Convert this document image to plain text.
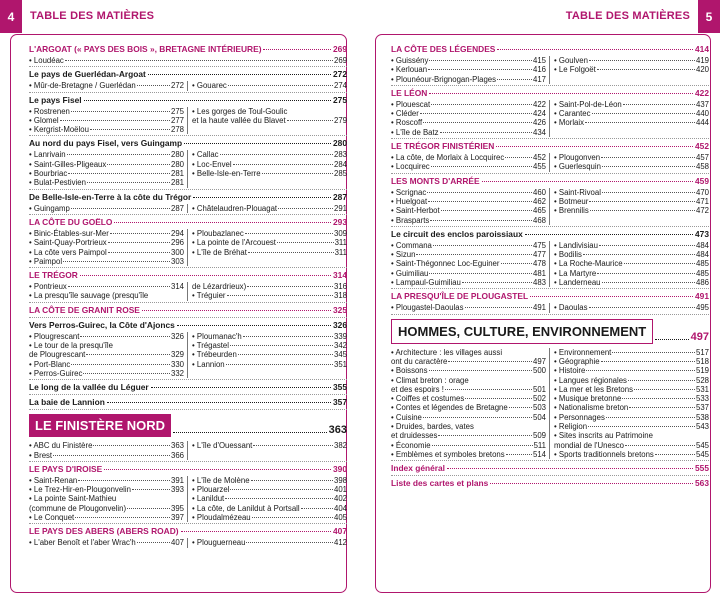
4	TABLE DES MATIÈRES	TABLE DES MATIÈRES	5
L'ARGOAT (« PAYS DES BOIS », BRETAGNE INTÉRIEURE)	269
• Loudéac	269
Le pays de Guerlédan-Argoat	272
• Mûr-de-Bretagne / Guerlédan	272 • Gouarec	274
Le pays Fisel	275
• Rostrenen	275
• Glomel	277
• Kergrist-Moëlou	278
• Les gorges de Toul-Goulic
et la haute vallée du Blavet	279
Au nord du pays Fisel, vers Guingamp	280
• Lanrivain	280
• Saint-Gilles-Pligeaux	280
• Bourbriac	281
• Bulat-Pestivien	281
• Callac	283
• Loc-Envel	284
• Belle-Isle-en-Terre	285
De Belle-Isle-en-Terre à la côte du Trégor	287
• Guingamp	287 • Châtelaudren-Plouagat	291
LA CÔTE DU GOËLO	293
• Binic-Étables-sur-Mer	294
• Saint-Quay-Portrieux	296
• La côte vers Paimpol	300
• Paimpol	303
• Ploubazlanec	309
• La pointe de l'Arcouest	311
• L'île de Bréhat	311
LE TRÉGOR	314
• Pontrieux	314
• La presqu'île sauvage (presqu'île
de Lézardrieux)	316
• Tréguier	318
LA CÔTE DE GRANIT ROSE	325
Vers Perros-Guirec, la Côte d'Ajoncs	326
• Plougrescant	326
• Le tour de la presqu'île
de Plougrescant	329
• Port-Blanc	330
• Perros-Guirec	332
• Ploumanac'h	339
• Trégastel	342
• Trébeurden	345
• Lannion	351
Le long de la vallée du Léguer	355
La baie de Lannion	357
LE FINISTÈRE NORD	363
• ABC du Finistère	363
• Brest	366
• L'île d'Ouessant	382
LE PAYS D'IROISE	390
• Saint-Renan	391
• Le Trez-Hir-en-Plougonvelin	393
• La pointe Saint-Mathieu
(commune de Plougonvelin)	395
• Le Conquet	397
• L'île de Molène	398
• Plouarzel	401
• Lanildut	402
• La côte, de Lanildut à Portsall	404
• Ploudalmézeau	405
LE PAYS DES ABERS (ABERS ROAD)	407
• L'aber Benoît et l'aber Wrac'h	407 • Plouguerneau	412
LA CÔTE DES LÉGENDES	414
• Guissény	415
• Kerlouan	416
• Plounéour-Brignogan-Plages	417
• Goulven	419
• Le Folgoët	420
LE LÉON	422
• Plouescat	422
• Cléder	424
• Roscoff	426
• L'île de Batz	434
• Saint-Pol-de-Léon	437
• Carantec	440
• Morlaix	444
LE TRÉGOR FINISTÉRIEN	452
• La côte, de Morlaix à Locquirec	452
• Locquirec	455
• Plougonven	457
• Guerlesquin	458
LES MONTS D'ARRÉE	459
• Scrignac	460
• Huelgoat	462
• Saint-Herbot	465
• Brasparts	468
• Saint-Rivoal	470
• Botmeur	471
• Brennilis	472
Le circuit des enclos paroissiaux	473
• Commana	475
• Sizun	477
• Saint-Thégonnec Loc-Eguiner	478
• Guimiliau	481
• Lampaul-Guimiliau	483
• Landivisiau	484
• Bodilis	484
• La Roche-Maurice	485
• La Martyre	485
• Landerneau	486
LA PRESQU'ÎLE DE PLOUGASTEL	491
• Plougastel-Daoulas	491 • Daoulas	495
HOMMES, CULTURE, ENVIRONNEMENT	497
• Architecture : les villages aussi
ont du caractère	497
• Boissons	500
• Climat breton : orage
et des espoirs !	501
• Coiffes et costumes	502
• Contes et légendes de Bretagne	503
• Cuisine	504
• Druides, bardes, vates
et druidesses	509
• Économie	511
• Emblèmes et symboles bretons	514
• Environnement	517
• Géographie	518
• Histoire	519
• Langues régionales	528
• La mer et les Bretons	531
• Musique bretonne	533
• Nationalisme breton	537
• Personnages	538
• Religion	543
• Sites inscrits au Patrimoine
mondial de l'Unesco	545
• Sports traditionnels bretons	545
Index général	555
Liste des cartes et plans	563
